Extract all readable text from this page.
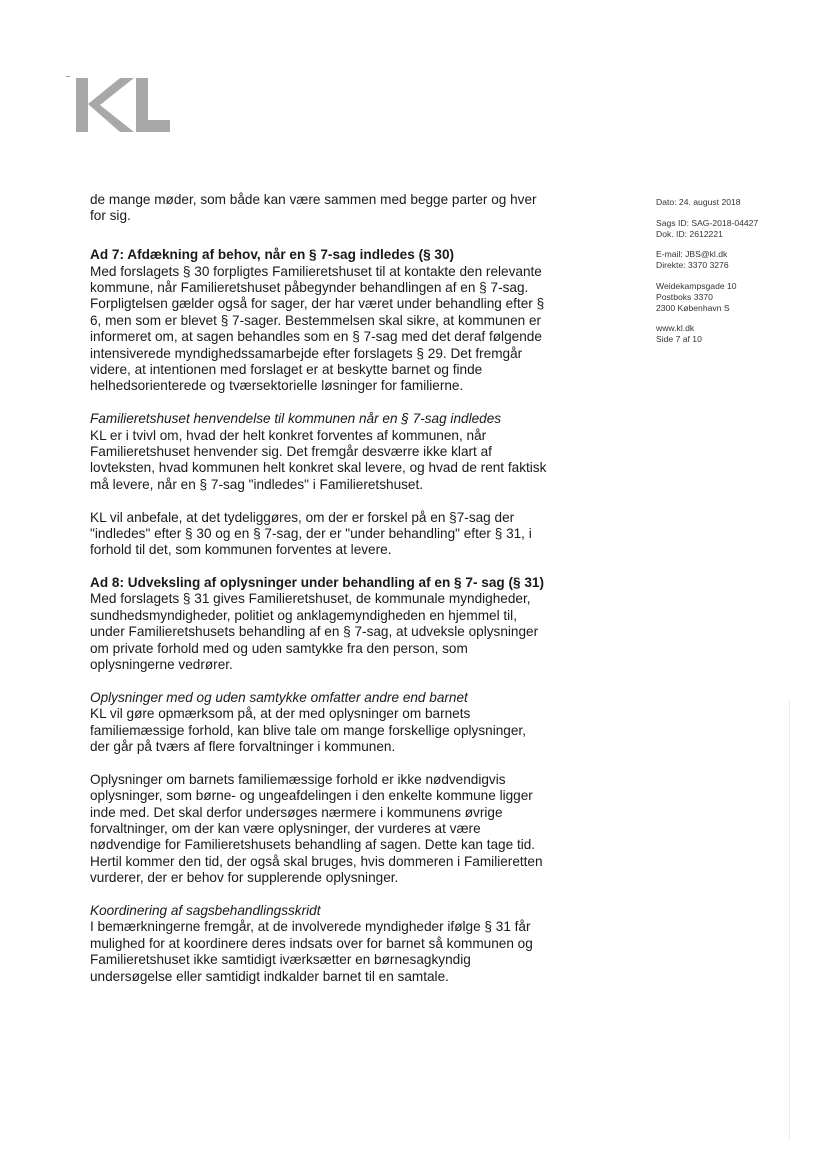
de mange møder, som både kan være sammen med begge parter og hver for sig.

Ad 7: Afdækning af behov, når en § 7-sag indledes (§ 30)

Med forslagets § 30 forpligtes Familieretshuset til at kontakte den relevante kommune, når Familieretshuset påbegynder behandlingen af en § 7-sag. Forpligtelsen gælder også for sager, der har været under behandling efter § 6, men som er blevet § 7-sager. Bestemmelsen skal sikre, at kommunen er informeret om, at sagen behandles som en § 7-sag med det deraf følgende intensiverede myndighedssamarbejde efter forslagets § 29. Det fremgår videre, at intentionen med forslaget er at beskytte barnet og finde helhedsorienterede og tværsektorielle løsninger for familierne.

Familieretshuset henvendelse til kommunen når en § 7-sag indledes

KL er i tvivl om, hvad der helt konkret forventes af kommunen, når Familieretshuset henvender sig. Det fremgår desværre ikke klart af lovteksten, hvad kommunen helt konkret skal levere, og hvad de rent faktisk må levere, når en § 7-sag "indledes" i Familieretshuset.

KL vil anbefale, at det tydeliggøres, om der er forskel på en §7-sag der "indledes" efter § 30 og en § 7-sag, der er "under behandling" efter § 31, i forhold til det, som kommunen forventes at levere.

Ad 8: Udveksling af oplysninger under behandling af en § 7- sag (§ 31)

Med forslagets § 31 gives Familieretshuset, de kommunale myndigheder, sundhedsmyndigheder, politiet og anklagemyndigheden en hjemmel til, under Familieretshusets behandling af en § 7-sag, at udveksle oplysninger om private forhold med og uden samtykke fra den person, som oplysningerne vedrører.

Oplysninger med og uden samtykke omfatter andre end barnet

KL vil gøre opmærksom på, at der med oplysninger om barnets familiemæssige forhold, kan blive tale om mange forskellige oplysninger, der går på tværs af flere forvaltninger i kommunen.

Oplysninger om barnets familiemæssige forhold er ikke nødvendigvis oplysninger, som børne- og ungeafdelingen i den enkelte kommune ligger inde med. Det skal derfor undersøges nærmere i kommunens øvrige forvaltninger, om der kan være oplysninger, der vurderes at være nødvendige for Familieretshusets behandling af sagen. Dette kan tage tid. Hertil kommer den tid, der også skal bruges, hvis dommeren i Familieretten vurderer, der er behov for supplerende oplysninger.

Koordinering af sagsbehandlingsskridt

I bemærkningerne fremgår, at de involverede myndigheder ifølge § 31 får mulighed for at koordinere deres indsats over for barnet så kommunen og Familieretshuset ikke samtidigt iværksætter en børnesagkyndig undersøgelse eller samtidigt indkalder barnet til en samtale.

Dato: 24. august 2018
Sags ID: SAG-2018-04427
Dok. ID: 2612221
E-mail: JBS@kl.dk
Direkte: 3370 3276
Weidekampsgade 10
Postboks 3370
2300 København S
www.kl.dk
Side 7 af 10
